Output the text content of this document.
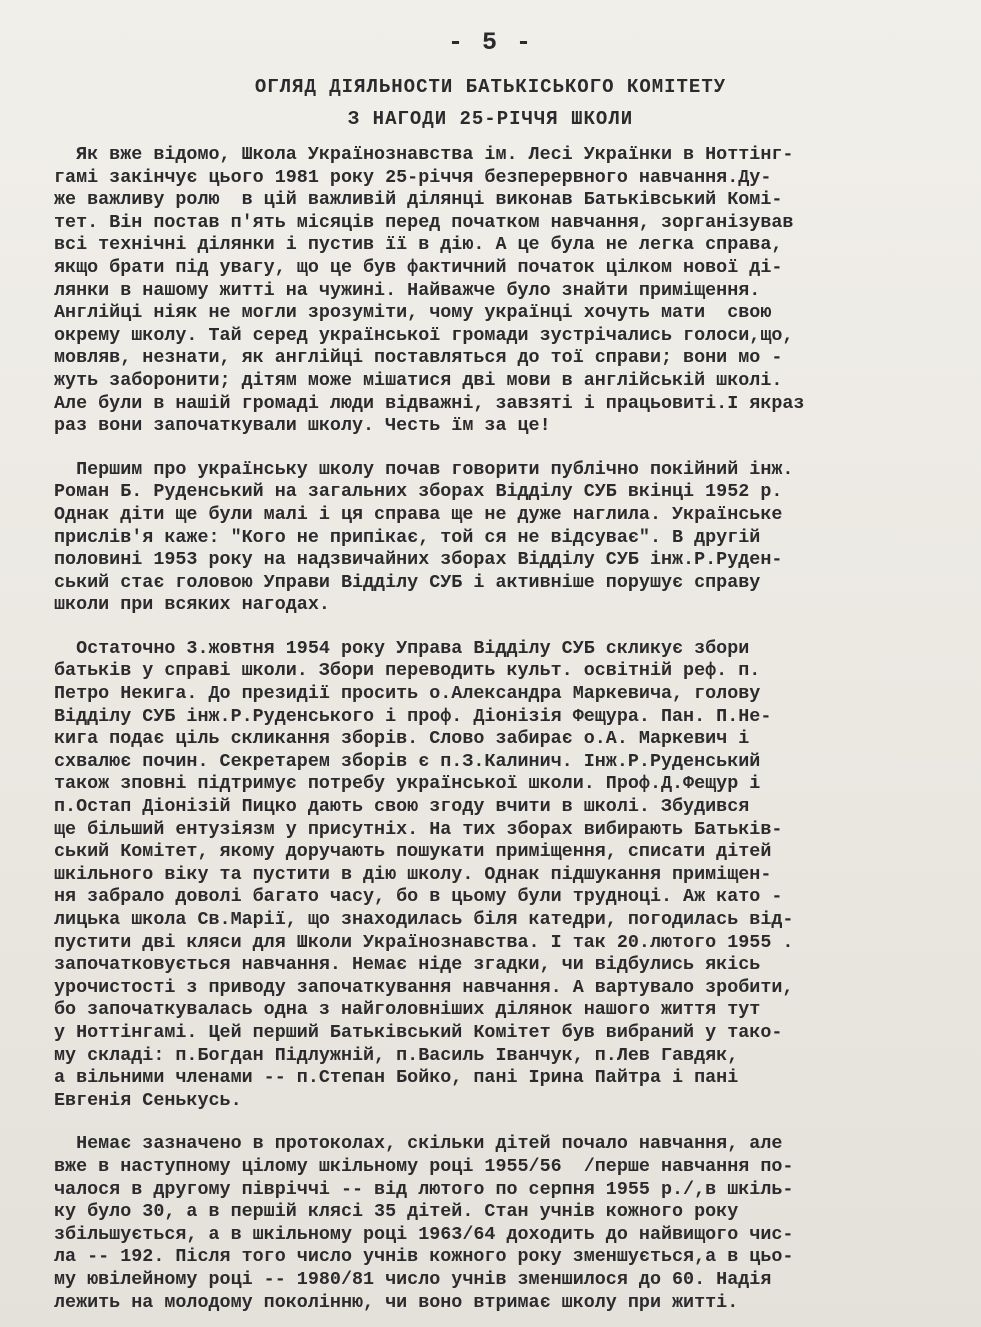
- 5 -
ОГЛЯД ДІЯЛЬНОСТИ БАТЬКІСЬКОГО КОМІТЕТУ
З НАГОДИ 25-РІЧЧЯ ШКОЛИ
Як вже відомо, Школа Українознавства ім. Лесі Українки в Ноттінг-
гамі закінчує цього 1981 року 25-річчя безперервного навчання.Ду-
же важливу ролю  в цій важливій ділянці виконав Батьківський Комі-
тет. Він постав п'ять місяців перед початком навчання, зорганізував
всі технічні ділянки і пустив її в дію. А це була не легка справа,
якщо брати під увагу, що це був фактичний початок цілком нової ді-
лянки в нашому житті на чужині. Найважче було знайти приміщення.
Англійці ніяк не могли зрозуміти, чому українці хочуть мати  свою
окрему школу. Тай серед української громади зустрічались голоси,що,
мовляв, незнати, як англійці поставляться до тої справи; вони мо -
жуть заборонити; дітям може мішатися дві мови в англійській школі.
Але були в нашій громаді люди відважні, завзяті і працьовиті.І якраз
раз вони започаткували школу. Честь їм за це!
Першим про українську школу почав говорити публічно покійний інж.
Роман Б. Руденський на загальних зборах Відділу СУБ вкінці 1952 р.
Однак діти ще були малі і ця справа ще не дуже наглила. Українське
прислів'я каже: "Кого не припікає, той ся не відсуває". В другій
половині 1953 року на надзвичайних зборах Відділу СУБ інж.Р.Руден-
ський стає головою Управи Відділу СУБ і активніше порушує справу
школи при всяких нагодах.
Остаточно 3.жовтня 1954 року Управа Відділу СУБ скликує збори
батьків у справі школи. Збори переводить культ. освітній реф. п.
Петро Некига. До президії просить о.Александра Маркевича, голову
Відділу СУБ інж.Р.Руденського і проф. Діонізія Фещура. Пан. П.Не-
кига подає ціль скликання зборів. Слово забирає о.А. Маркевич і
схвалює почин. Секретарем зборів є п.З.Калинич. Інж.Р.Руденський
також зповні підтримує потребу української школи. Проф.Д.Фещур і
п.Остап Діонізій Пицко дають свою згоду вчити в школі. Збудився
ще більший ентузіязм у присутніх. На тих зборах вибирають Батьків-
ський Комітет, якому доручають пошукати приміщення, списати дітей
шкільного віку та пустити в дію школу. Однак підшукання приміщен-
ня забрало доволі багато часу, бо в цьому були трудноці. Аж като -
лицька школа Св.Марії, що знаходилась біля катедри, погодилась від-
пустити дві кляси для Школи Українознавства. І так 20.лютого 1955 .
започатковується навчання. Немає ніде згадки, чи відбулись якісь
урочистості з приводу започаткування навчання. А вартувало зробити,
бо започаткувалась одна з найголовніших ділянок нашого життя тут
у Ноттінгамі. Цей перший Батьківський Комітет був вибраний у тако-
му складі: п.Богдан Підлужній, п.Василь Іванчук, п.Лев Гавдяк,
а вільними членами -- п.Степан Бойко, пані Ірина Пайтра і пані
Евгенія Сенькусь.
Немає зазначено в протоколах, скільки дітей почало навчання, але
вже в наступному цілому шкільному році 1955/56  /перше навчання по-
чалося в другому півріччі -- від лютого по серпня 1955 р./,в шкіль-
ку було 30, а в першій клясі 35 дітей. Стан учнів кожного року
збільшується, а в шкільному році 1963/64 доходить до найвищого чис-
ла -- 192. Після того число учнів кожного року зменшується,а в цьо-
му ювілейному році -- 1980/81 число учнів зменшилося до 60. Надія
лежить на молодому поколінню, чи воно втримає школу при житті.
